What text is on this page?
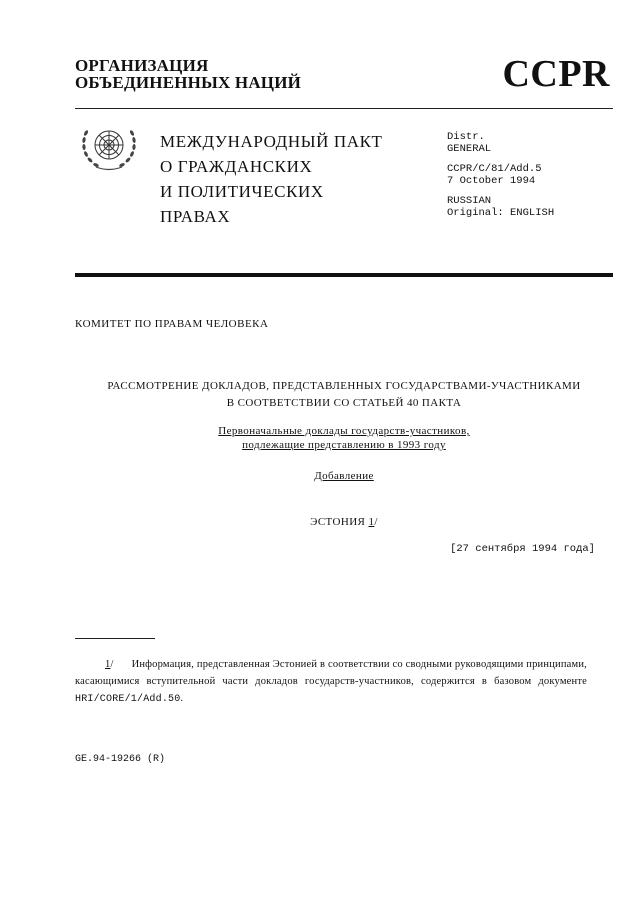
ОРГАНИЗАЦИЯ
ОБЪЕДИНЕННЫХ НАЦИЙ	CCPR
МЕЖДУНАРОДНЫЙ ПАКТ
О ГРАЖДАНСКИХ
И ПОЛИТИЧЕСКИХ
ПРАВАХ
Distr.
GENERAL
CCPR/C/81/Add.5
7 October 1994
RUSSIAN
Original: ENGLISH
КОМИТЕТ ПО ПРАВАМ ЧЕЛОВЕКА
РАССМОТРЕНИЕ ДОКЛАДОВ, ПРЕДСТАВЛЕННЫХ ГОСУДАРСТВАМИ-УЧАСТНИКАМИ
В СООТВЕТСТВИИ СО СТАТЬЕЙ 40 ПАКТА
Первоначальные доклады государств-участников,
подлежащие представлению в 1993 году
Добавление
ЭСТОНИЯ 1/
[27 сентября 1994 года]
1/ Информация, представленная Эстонией в соответствии со сводными руководящими принципами, касающимися вступительной части докладов государств-участников, содержится в базовом документе HRI/CORE/1/Add.50.
GE.94-19266 (R)
